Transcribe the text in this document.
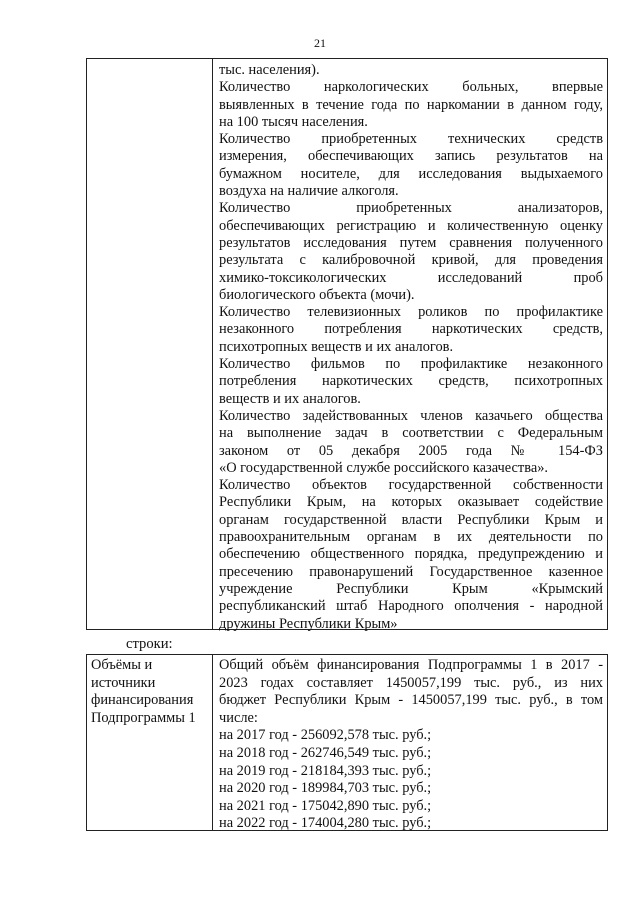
21

тыс. населения).

Количество наркологических больных, впервые
выявленных в течение года по наркомании в данном году,
на 100 тысяч населения.

Количество приобретенных технических средств
измерения, обеспечивающих запись результатов на
бумажном носителе, для исследования выдыхаемого
воздуха на наличие алкоголя.

Количество приобретенных анализаторов,
обеспечивающих регистрацию и количественную оценку
результатов исследования путем сравнения полученного
результата с калибровочной кривой, для проведения
химико-токсикологических исследований проб
биологического объекта (мочи).

Количество телевизионных роликов по профилактике
незаконного потребления наркотических средств,
психотропных веществ и их аналогов.

Количество фильмов по профилактике незаконного
потребления наркотических средств, психотропных
веществ и их аналогов.

Количество задействованных членов казачьего общества
на выполнение задач в соответствии с Федеральным
законом от 05 декабря 2005 года № 154-ФЗ
«О государственной службе российского казачества».

Количество объектов государственной собственности
Республики Крым, на которых оказывает содействие
органам государственной власти Республики Крым и
правоохранительным органам в их деятельности по
обеспечению общественного порядка, предупреждению и
пресечению правонарушений Государственное казенное
учреждение Республики Крым «Крымский
республиканский штаб Народного ополчения - народной
дружины Республики Крым»

строки:
Объёмы и
источники
финансирования
Подпрограммы 1
Общий объём финансирования Подпрограммы 1 в 2017 -
2023 годах составляет 1450057,199 тыс. руб., из них
бюджет Республики Крым - 1450057,199 тыс. руб., в том
числе:
на 2017 год - 256092,578 тыс. руб.;
на 2018 год - 262746,549 тыс. руб.;
на 2019 год - 218184,393 тыс. руб.;
на 2020 год - 189984,703 тыс. руб.;
на 2021 год - 175042,890 тыс. руб.;
на 2022 год - 174004,280 тыс. руб.;
